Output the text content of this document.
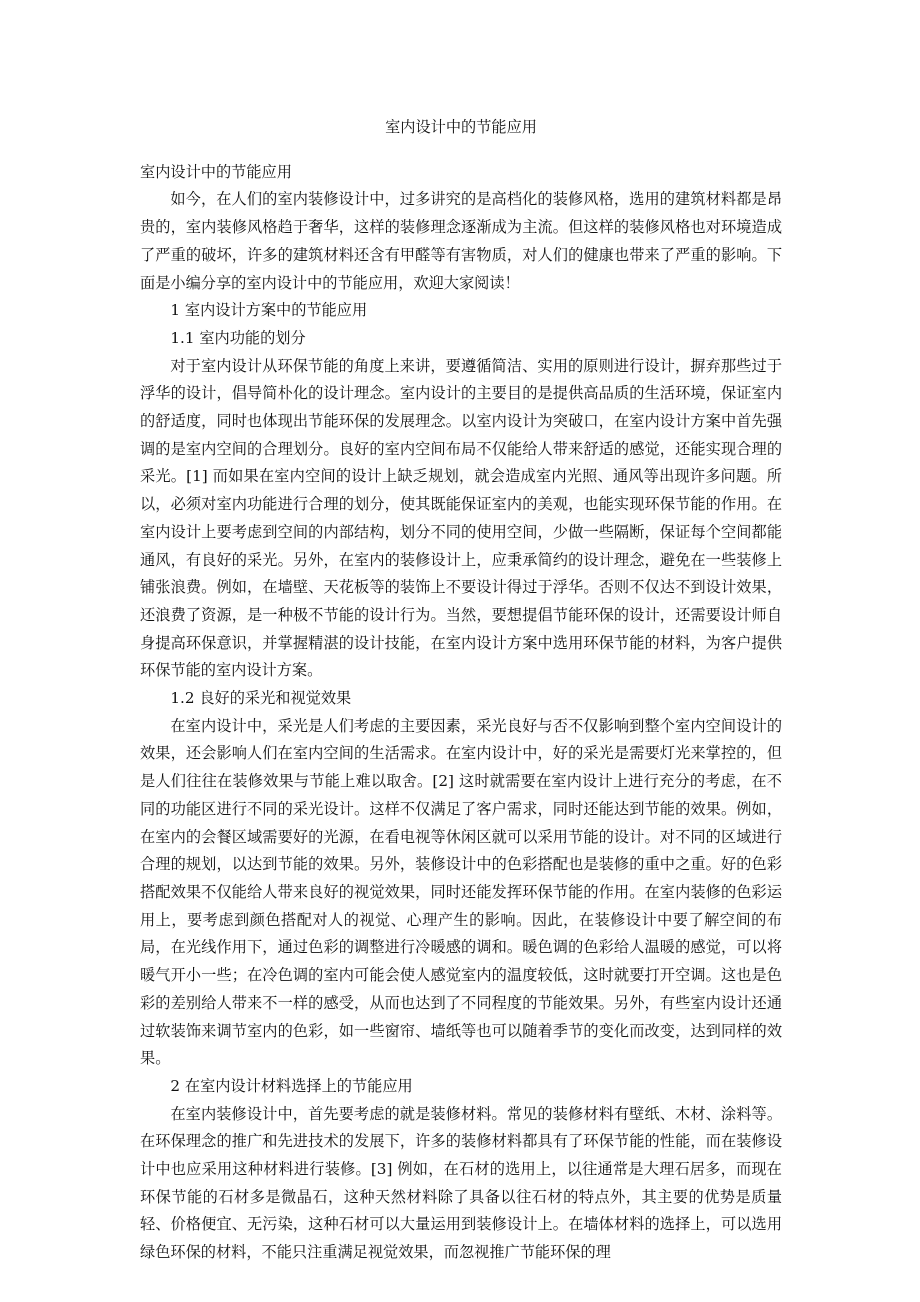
室内设计中的节能应用

室内设计中的节能应用

如今，在人们的室内装修设计中，过多讲究的是高档化的装修风格，选用的建筑材料都是昂贵的，室内装修风格趋于奢华，这样的装修理念逐渐成为主流。但这样的装修风格也对环境造成了严重的破坏，许多的建筑材料还含有甲醛等有害物质，对人们的健康也带来了严重的影响。下面是小编分享的室内设计中的节能应用，欢迎大家阅读！

1 室内设计方案中的节能应用

1.1 室内功能的划分

对于室内设计从环保节能的角度上来讲，要遵循简洁、实用的原则进行设计，摒弃那些过于浮华的设计，倡导简朴化的设计理念。室内设计的主要目的是提供高品质的生活环境，保证室内的舒适度，同时也体现出节能环保的发展理念。以室内设计为突破口，在室内设计方案中首先强调的是室内空间的合理划分。良好的室内空间布局不仅能给人带来舒适的感觉，还能实现合理的采光。[1] 而如果在室内空间的设计上缺乏规划，就会造成室内光照、通风等出现许多问题。所以，必须对室内功能进行合理的划分，使其既能保证室内的美观，也能实现环保节能的作用。在室内设计上要考虑到空间的内部结构，划分不同的使用空间，少做一些隔断，保证每个空间都能通风，有良好的采光。另外，在室内的装修设计上，应秉承简约的设计理念，避免在一些装修上铺张浪费。例如，在墙壁、天花板等的装饰上不要设计得过于浮华。否则不仅达不到设计效果，还浪费了资源，是一种极不节能的设计行为。当然，要想提倡节能环保的设计，还需要设计师自身提高环保意识，并掌握精湛的设计技能，在室内设计方案中选用环保节能的材料，为客户提供环保节能的室内设计方案。

1.2 良好的采光和视觉效果

在室内设计中，采光是人们考虑的主要因素，采光良好与否不仅影响到整个室内空间设计的效果，还会影响人们在室内空间的生活需求。在室内设计中，好的采光是需要灯光来掌控的，但是人们往往在装修效果与节能上难以取舍。[2] 这时就需要在室内设计上进行充分的考虑，在不同的功能区进行不同的采光设计。这样不仅满足了客户需求，同时还能达到节能的效果。例如，在室内的会餐区域需要好的光源，在看电视等休闲区就可以采用节能的设计。对不同的区域进行合理的规划，以达到节能的效果。另外，装修设计中的色彩搭配也是装修的重中之重。好的色彩搭配效果不仅能给人带来良好的视觉效果，同时还能发挥环保节能的作用。在室内装修的色彩运用上，要考虑到颜色搭配对人的视觉、心理产生的影响。因此，在装修设计中要了解空间的布局，在光线作用下，通过色彩的调整进行冷暖感的调和。暖色调的色彩给人温暖的感觉，可以将暖气开小一些；在冷色调的室内可能会使人感觉室内的温度较低，这时就要打开空调。这也是色彩的差别给人带来不一样的感受，从而也达到了不同程度的节能效果。另外，有些室内设计还通过软装饰来调节室内的色彩，如一些窗帘、墙纸等也可以随着季节的变化而改变，达到同样的效果。

2 在室内设计材料选择上的节能应用

在室内装修设计中，首先要考虑的就是装修材料。常见的装修材料有壁纸、木材、涂料等。在环保理念的推广和先进技术的发展下，许多的装修材料都具有了环保节能的性能，而在装修设计中也应采用这种材料进行装修。[3] 例如，在石材的选用上，以往通常是大理石居多，而现在环保节能的石材多是微晶石，这种天然材料除了具备以往石材的特点外，其主要的优势是质量轻、价格便宜、无污染，这种石材可以大量运用到装修设计上。在墙体材料的选择上，可以选用绿色环保的材料，不能只注重满足视觉效果，而忽视推广节能环保的理
